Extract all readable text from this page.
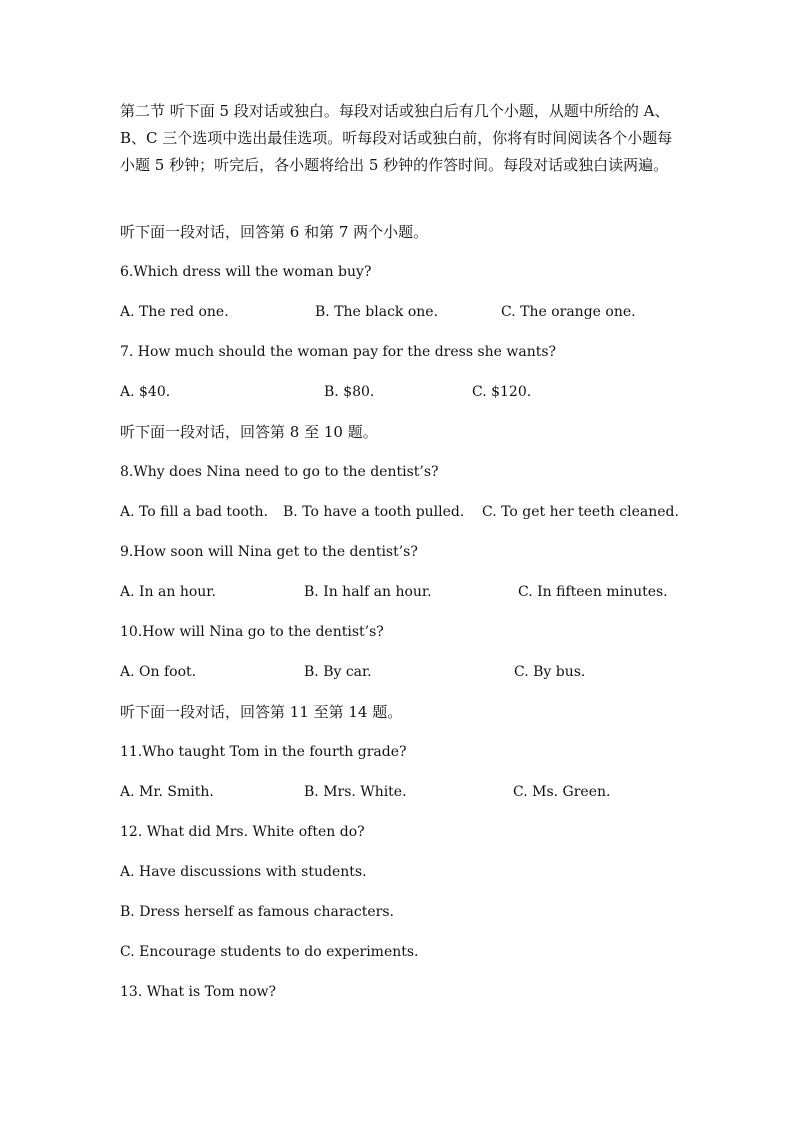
第二节 听下面 5 段对话或独白。每段对话或独白后有几个小题，从题中所给的 A、B、C 三个选项中选出最佳选项。听每段对话或独白前，你将有时间阅读各个小题每小题 5 秒钟；听完后，各小题将给出 5 秒钟的作答时间。每段对话或独白读两遍。

听下面一段对话，回答第 6 和第 7 两个小题。
6.Which dress will the woman buy?
A. The red one.	B. The black one.	C. The orange one.
7. How much should the woman pay for the dress she wants?
A. $40.	B. $80.	C. $120.
听下面一段对话，回答第 8 至 10 题。
8.Why does Nina need to go to the dentist’s?
A. To fill a bad tooth. B. To have a tooth pulled. C. To get her teeth cleaned.
9.How soon will Nina get to the dentist’s?
A. In an hour.	B. In half an hour.	C. In fifteen minutes.
10.How will Nina go to the dentist’s?
A. On foot.	B. By car.	C. By bus.
听下面一段对话，回答第 11 至第 14 题。
11.Who taught Tom in the fourth grade?
A. Mr. Smith.	B. Mrs. White.	C. Ms. Green.
12. What did Mrs. White often do?
A. Have discussions with students.
B. Dress herself as famous characters.
C. Encourage students to do experiments.
13. What is Tom now?
